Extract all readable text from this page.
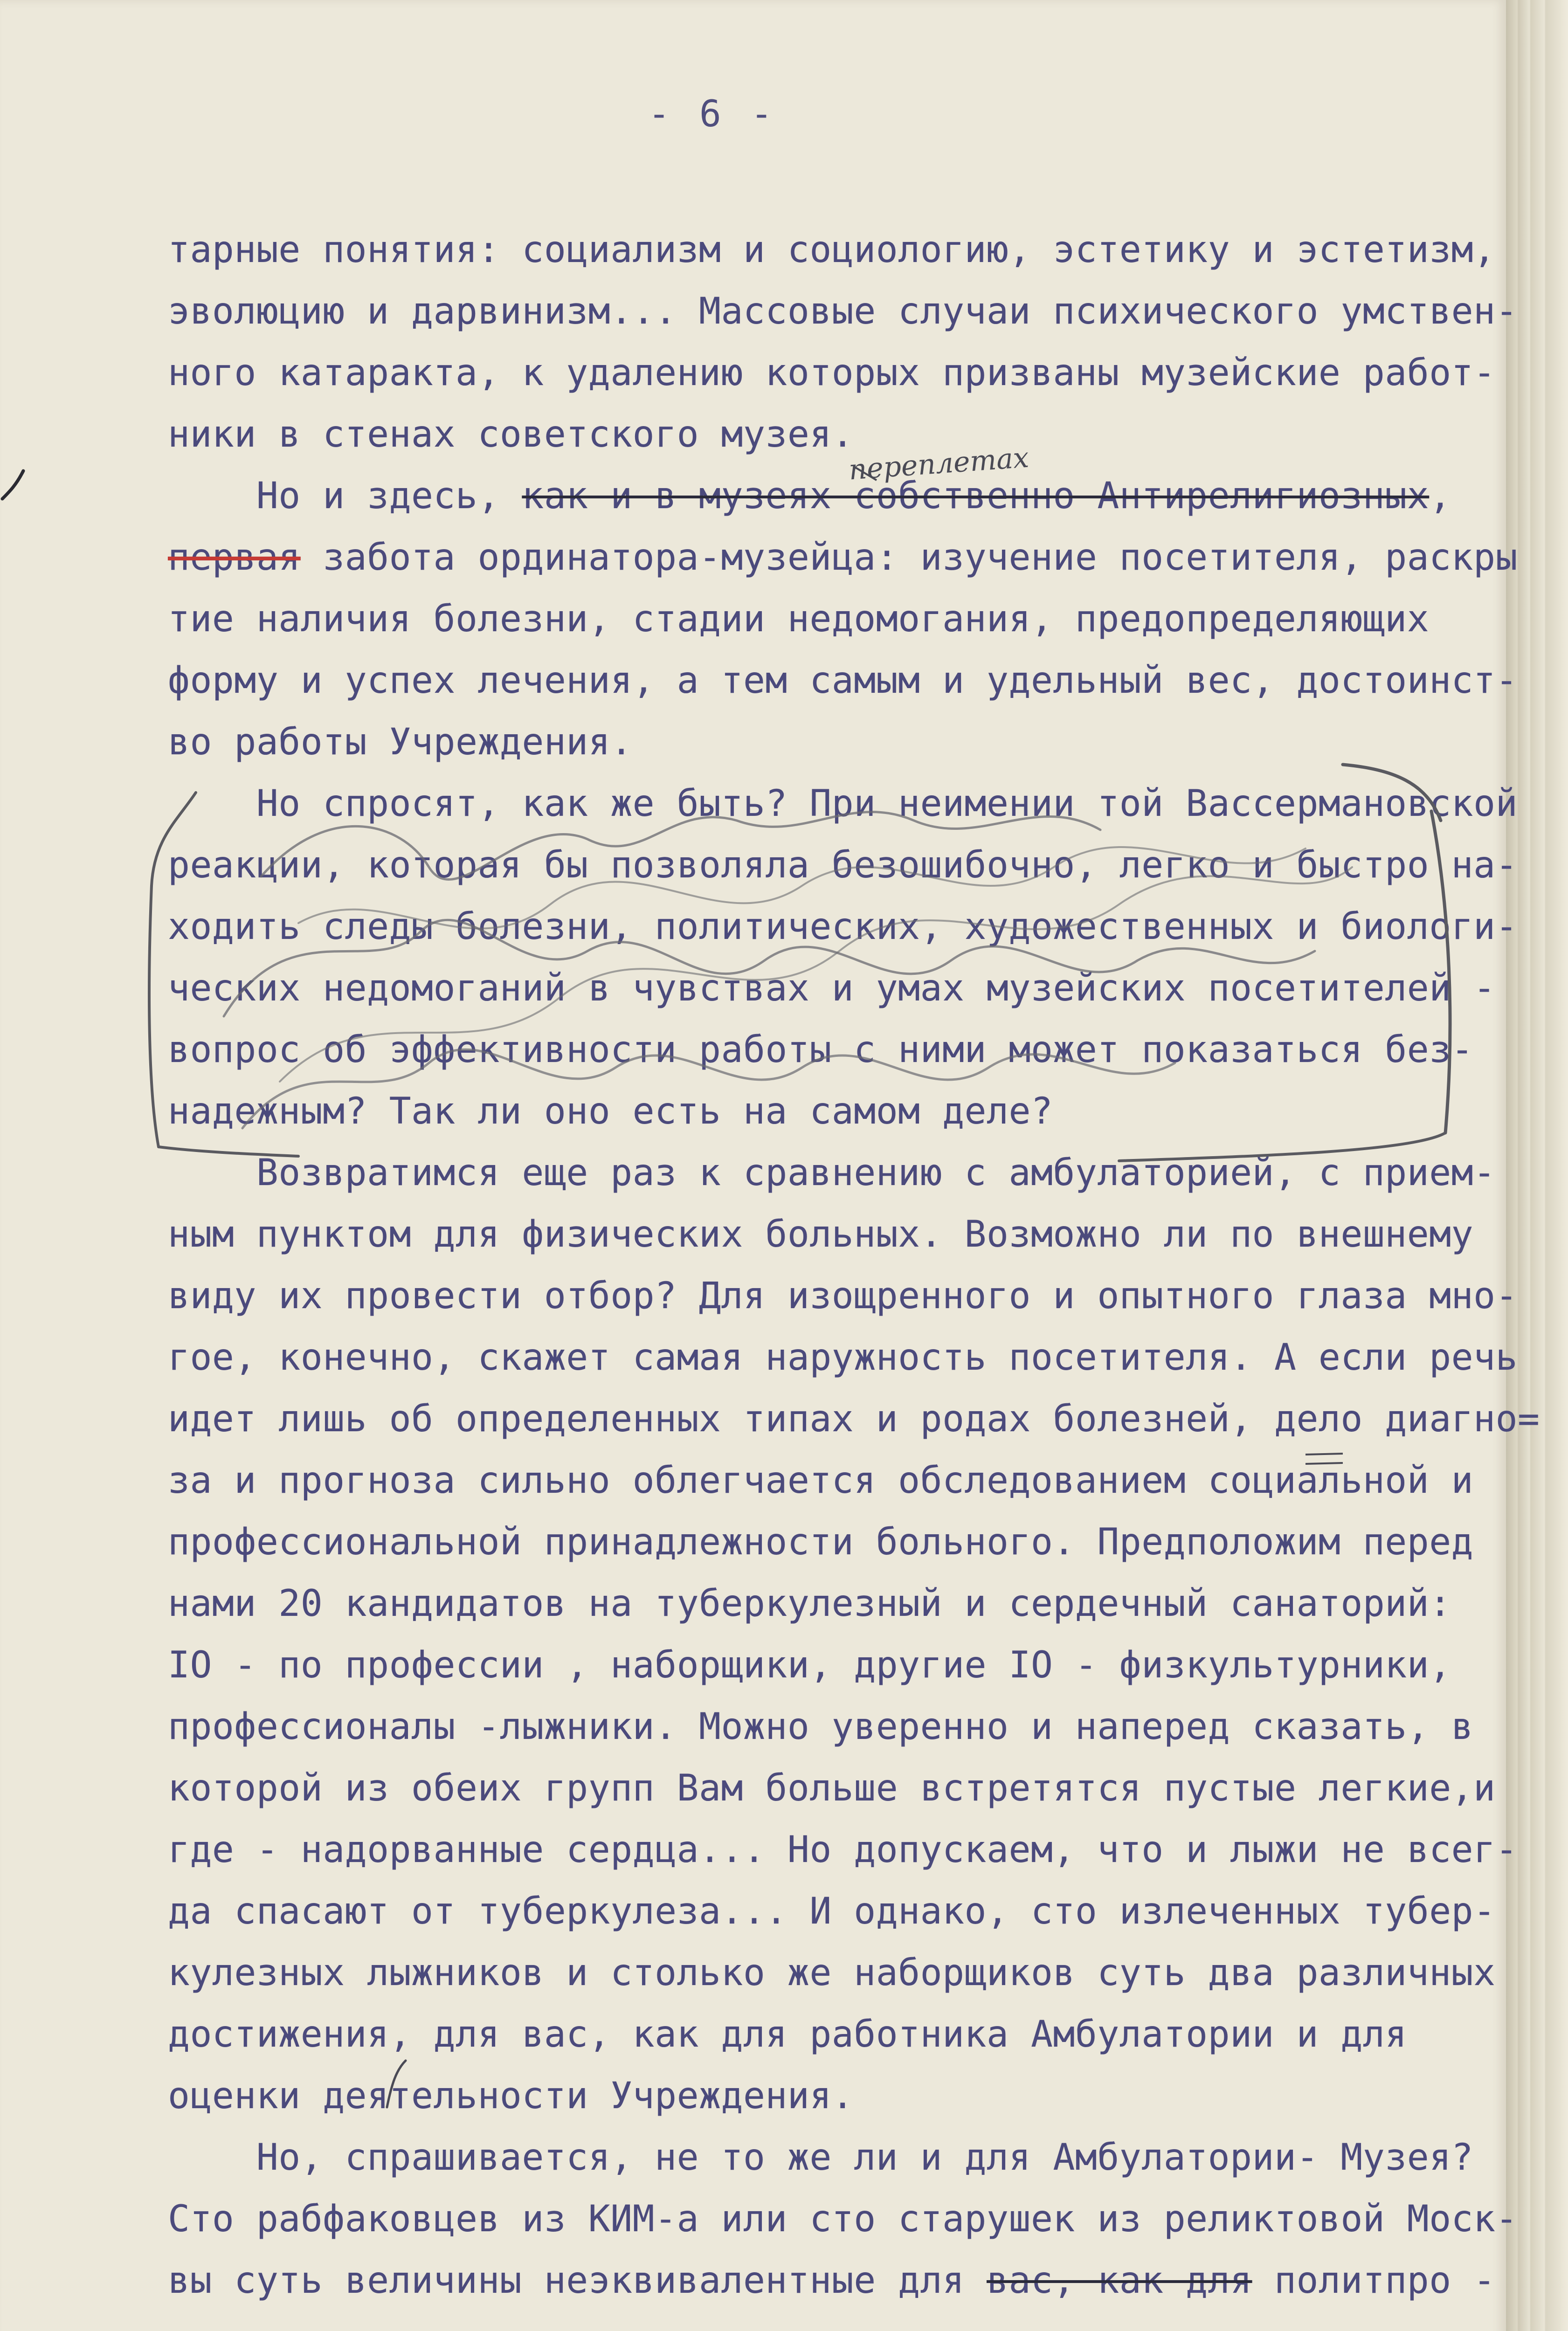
- 6 -
тарные понятия: социализм и социологию, эстетику и эстетизм,
эволюцию и дарвинизм... Массовые случаи психического умствен-
ного катаракта, к удалению которых призваны музейские работ-
ники в стенах советского музея.
Но и здесь, как и в музеях собственно Антирелигиозных,
первая забота ординатора-музейца: изучение посетителя, раскры
тие наличия болезни, стадии недомогания, предопределяющих
форму и успех лечения, а тем самым и удельный вес, достоинст-
во работы Учреждения.
Но спросят, как же быть? При неимении той Вассермановской
реакции, которая бы позволяла безошибочно, легко и быстро на-
ходить следы болезни, политических, художественных и биологи-
ческих недомоганий в чувствах и умах музейских посетителей -
вопрос об эффективности работы с ними может показаться без-
надежным? Так ли оно есть на самом деле?
Возвратимся еще раз к сравнению с амбулаторией, с прием-
ным пунктом для физических больных. Возможно ли по внешнему
виду их провести отбор? Для изощренного и опытного глаза мно-
гое, конечно, скажет самая наружность посетителя. А если речь
идет лишь об определенных типах и родах болезней, дело диагно=
за и прогноза сильно облегчается обследованием социальной и
профессиональной принадлежности больного. Предположим перед
нами 20 кандидатов на туберкулезный и сердечный санаторий:
IO - по профессии , наборщики, другие IO - физкультурники,
профессионалы -лыжники. Можно уверенно и наперед сказать, в
которой из обеих групп Вам больше встретятся пустые легкие,и
где - надорванные сердца... Но допускаем, что и лыжи не всег-
да спасают от туберкулеза... И однако, сто излеченных тубер-
кулезных лыжников и столько же наборщиков суть два различных
достижения, для вас, как для работника Амбулатории и для
оценки деятельности Учреждения.
Но, спрашивается, не то же ли и для Амбулатории- Музея?
Сто рабфаковцев из КИМ-а или сто старушек из реликтовой Моск-
вы суть величины неэквивалентные для вас, как для политпро -
переплетах
